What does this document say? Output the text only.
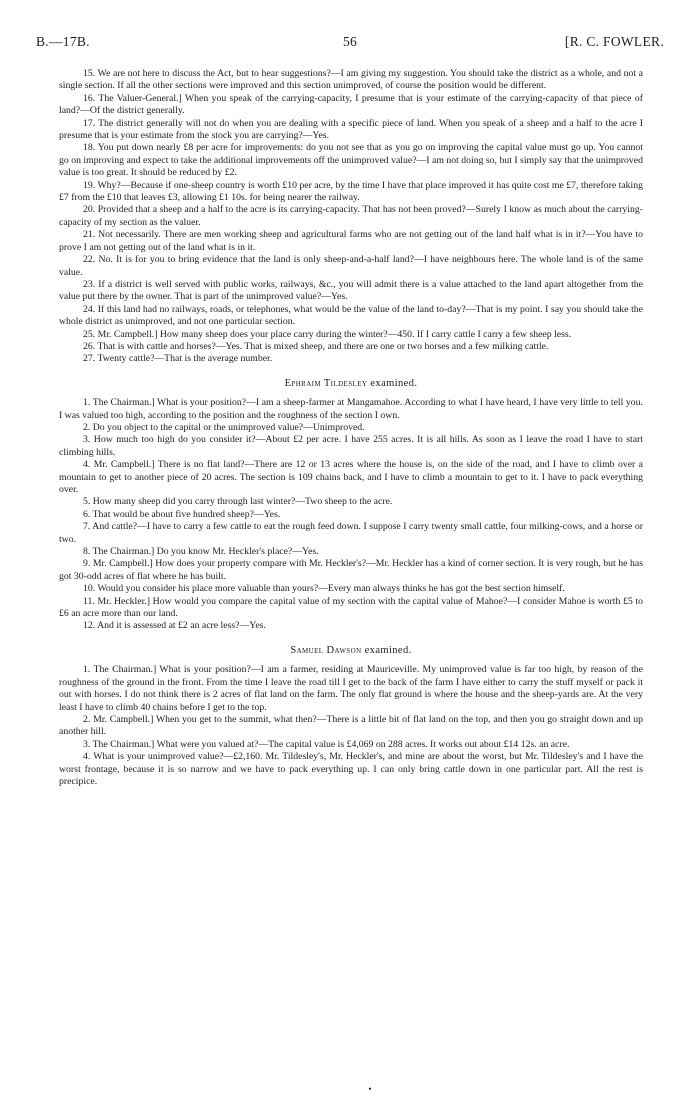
B.—17B.	56	[R. C. FOWLER.

15. We are not here to discuss the Act, but to hear suggestions?—I am giving my suggestion. You should take the district as a whole, and not a single section. If all the other sections were improved and this section unimproved, of course the position would be different.

16. The Valuer-General.] When you speak of the carrying-capacity, I presume that is your estimate of the carrying-capacity of that piece of land?—Of the district generally.

17. The district generally will not do when you are dealing with a specific piece of land. When you speak of a sheep and a half to the acre I presume that is your estimate from the stock you are carrying?—Yes.

18. You put down nearly £8 per acre for improvements: do you not see that as you go on improving the capital value must go up. You cannot go on improving and expect to take the additional improvements off the unimproved value?—I am not doing so, but I simply say that the unimproved value is too great. It should be reduced by £2.

19. Why?—Because if one-sheep country is worth £10 per acre, by the time I have that place improved it has quite cost me £7, therefore taking £7 from the £10 that leaves £3, allowing £1 10s. for being nearer the railway.

20. Provided that a sheep and a half to the acre is its carrying-capacity. That has not been proved?—Surely I know as much about the carrying-capacity of my section as the valuer.

21. Not necessarily. There are men working sheep and agricultural farms who are not getting out of the land half what is in it?—You have to prove I am not getting out of the land what is in it.

22. No. It is for you to bring evidence that the land is only sheep-and-a-half land?—I have neighbours here. The whole land is of the same value.

23. If a district is well served with public works, railways, &c., you will admit there is a value attached to the land apart altogether from the value put there by the owner. That is part of the unimproved value?—Yes.

24. If this land had no railways, roads, or telephones, what would be the value of the land to-day?—That is my point. I say you should take the whole district as unimproved, and not one particular section.

25. Mr. Campbell.] How many sheep does your place carry during the winter?—450. If I carry cattle I carry a few sheep less.

26. That is with cattle and horses?—Yes. That is mixed sheep, and there are one or two horses and a few milking cattle.

27. Twenty cattle?—That is the average number.

Ephraim Tildesley examined.

1. The Chairman.] What is your position?—I am a sheep-farmer at Mangamahoe. According to what I have heard, I have very little to tell you. I was valued too high, according to the position and the roughness of the section I own.

2. Do you object to the capital or the unimproved value?—Unimproved.

3. How much too high do you consider it?—About £2 per acre. I have 255 acres. It is all hills. As soon as I leave the road I have to start climbing hills.

4. Mr. Campbell.] There is no flat land?—There are 12 or 13 acres where the house is, on the side of the road, and I have to climb over a mountain to get to another piece of 20 acres. The section is 109 chains back, and I have to climb a mountain to get to it. I have to pack everything over.

5. How many sheep did you carry through last winter?—Two sheep to the acre.

6. That would be about five hundred sheep?—Yes.

7. And cattle?—I have to carry a few cattle to eat the rough feed down. I suppose I carry twenty small cattle, four milking-cows, and a horse or two.

8. The Chairman.] Do you know Mr. Heckler's place?—Yes.

9. Mr. Campbell.] How does your property compare with Mr. Heckler's?—Mr. Heckler has a kind of corner section. It is very rough, but he has got 30-odd acres of flat where he has built.

10. Would you consider his place more valuable than yours?—Every man always thinks he has got the best section himself.

11. Mr. Heckler.] How would you compare the capital value of my section with the capital value of Mahoe?—I consider Mahoe is worth £5 to £6 an acre more than our land.

12. And it is assessed at £2 an acre less?—Yes.

Samuel Dawson examined.

1. The Chairman.] What is your position?—I am a farmer, residing at Mauriceville. My unimproved value is far too high, by reason of the roughness of the ground in the front. From the time I leave the road till I get to the back of the farm I have either to carry the stuff myself or pack it out with horses. I do not think there is 2 acres of flat land on the farm. The only flat ground is where the house and the sheep-yards are. At the very least I have to climb 40 chains before I get to the top.

2. Mr. Campbell.] When you get to the summit, what then?—There is a little bit of flat land on the top, and then you go straight down and up another hill.

3. The Chairman.] What were you valued at?—The capital value is £4,069 on 288 acres. It works out about £14 12s. an acre.

4. What is your unimproved value?—£2,160. Mr. Tildesley's, Mr. Heckler's, and mine are about the worst, but Mr. Tildesley's and I have the worst frontage, because it is so narrow and we have to pack everything up. I can only bring cattle down in one particular part. All the rest is precipice.

•
